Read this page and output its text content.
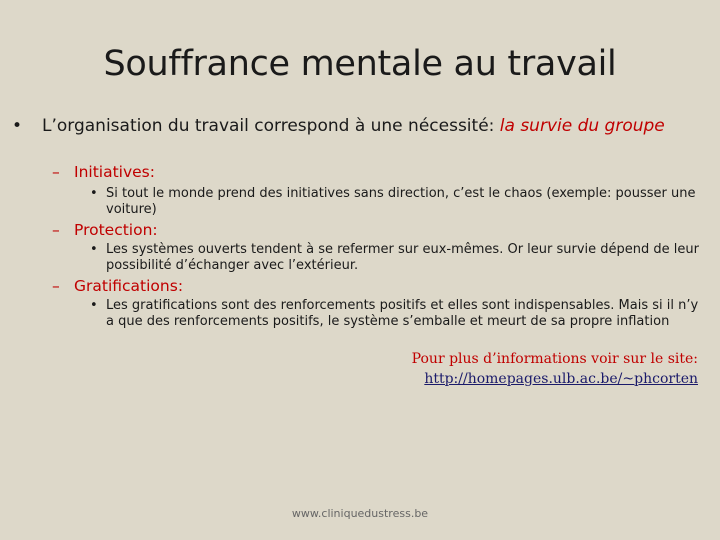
Souffrance mentale au travail
• L’organisation du travail correspond à une nécessité: la survie du groupe
– Initiatives:
• Si tout le monde prend des initiatives sans direction, c’est le chaos (exemple: pousser une
voiture)
– Protection:
• Les systèmes ouverts tendent à se refermer sur eux-mêmes. Or leur survie dépend de leur
possibilité d’échanger avec l’extérieur.
– Gratifications:
• Les gratifications sont des renforcements positifs et elles sont indispensables. Mais si il n’y
a que des renforcements positifs, le système s’emballe et meurt de sa propre inflation
Pour plus d’informations voir sur le site:
http://homepages.ulb.ac.be/~phcorten
www.cliniquedustress.be
